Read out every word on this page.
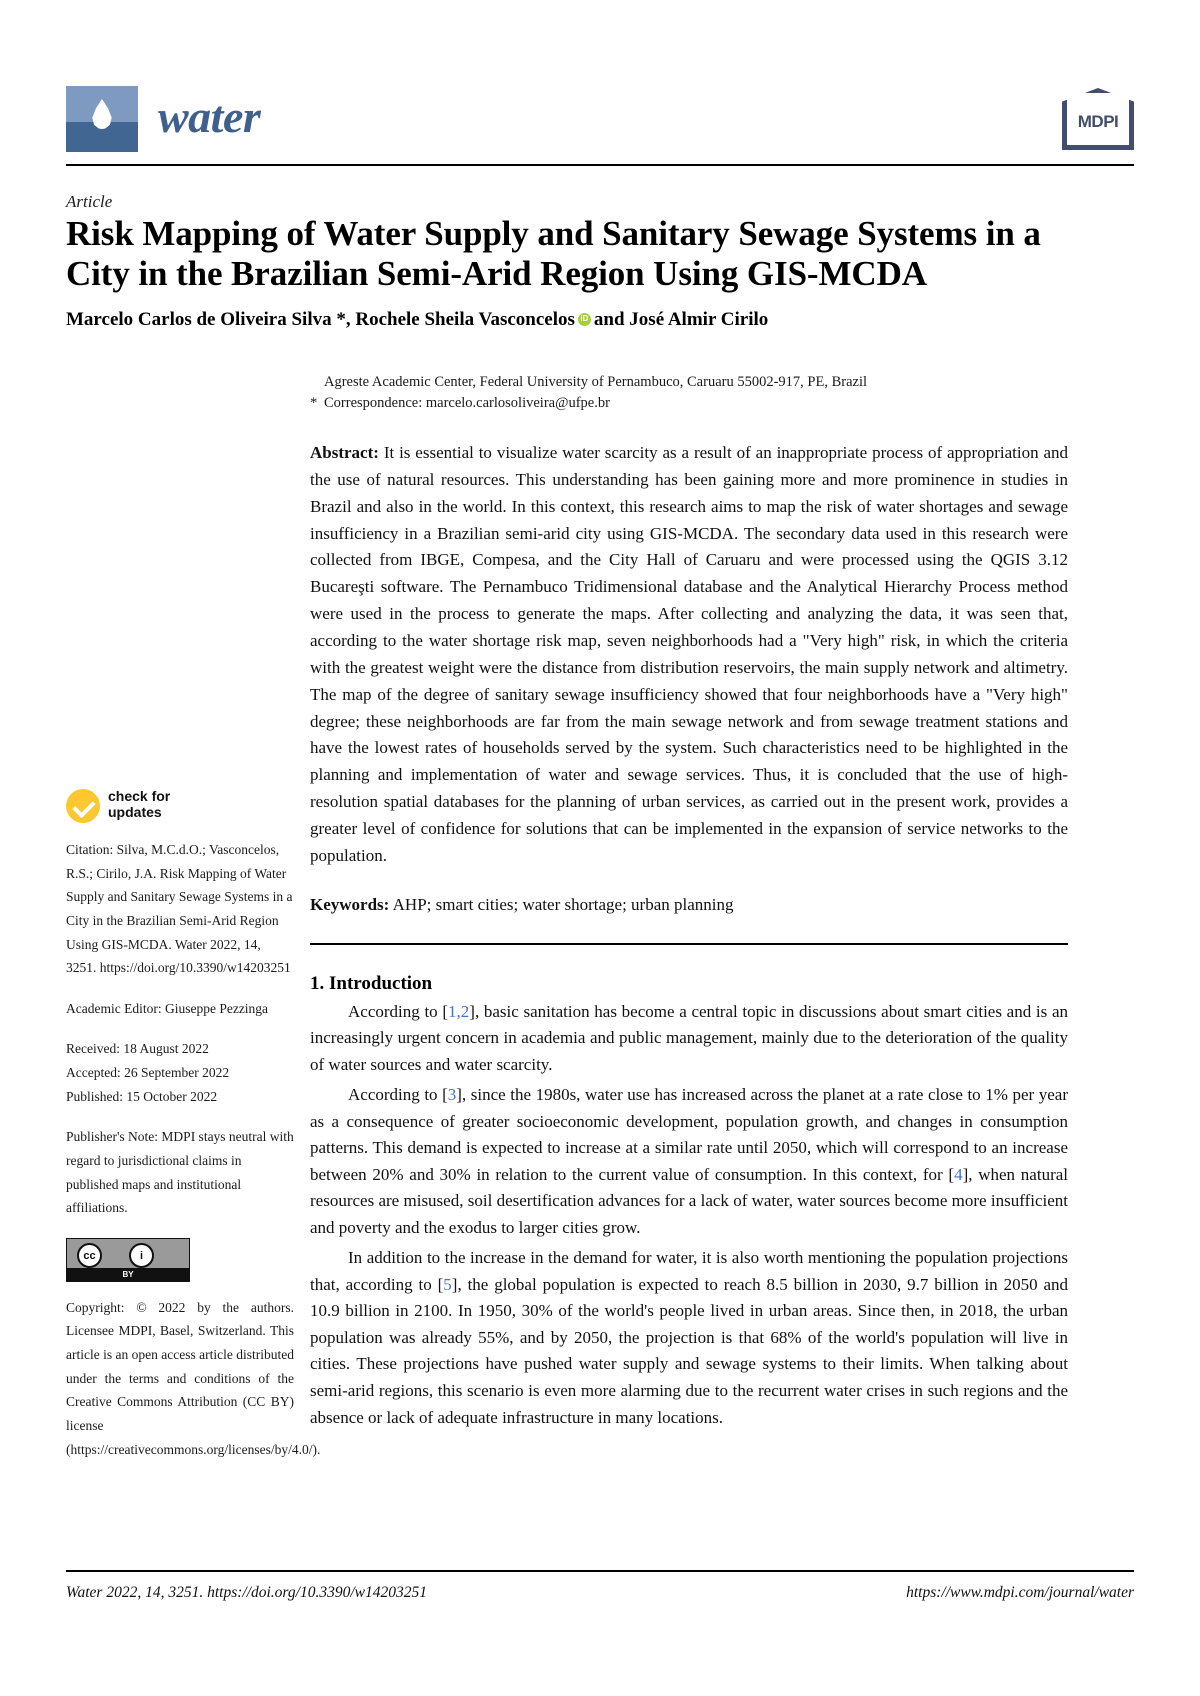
water	MDPI
Article
Risk Mapping of Water Supply and Sanitary Sewage Systems in a City in the Brazilian Semi-Arid Region Using GIS-MCDA
Marcelo Carlos de Oliveira Silva *, Rochele Sheila Vasconcelos iD and José Almir Cirilo
Agreste Academic Center, Federal University of Pernambuco, Caruaru 55002-917, PE, Brazil
* Correspondence: marcelo.carlosoliveira@ufpe.br
Abstract: It is essential to visualize water scarcity as a result of an inappropriate process of appropriation and the use of natural resources. This understanding has been gaining more and more prominence in studies in Brazil and also in the world. In this context, this research aims to map the risk of water shortages and sewage insufficiency in a Brazilian semi-arid city using GIS-MCDA. The secondary data used in this research were collected from IBGE, Compesa, and the City Hall of Caruaru and were processed using the QGIS 3.12 Bucareşti software. The Pernambuco Tridimensional database and the Analytical Hierarchy Process method were used in the process to generate the maps. After collecting and analyzing the data, it was seen that, according to the water shortage risk map, seven neighborhoods had a "Very high" risk, in which the criteria with the greatest weight were the distance from distribution reservoirs, the main supply network and altimetry. The map of the degree of sanitary sewage insufficiency showed that four neighborhoods have a "Very high" degree; these neighborhoods are far from the main sewage network and from sewage treatment stations and have the lowest rates of households served by the system. Such characteristics need to be highlighted in the planning and implementation of water and sewage services. Thus, it is concluded that the use of high-resolution spatial databases for the planning of urban services, as carried out in the present work, provides a greater level of confidence for solutions that can be implemented in the expansion of service networks to the population.
Keywords: AHP; smart cities; water shortage; urban planning
1. Introduction
According to [1,2], basic sanitation has become a central topic in discussions about smart cities and is an increasingly urgent concern in academia and public management, mainly due to the deterioration of the quality of water sources and water scarcity.
According to [3], since the 1980s, water use has increased across the planet at a rate close to 1% per year as a consequence of greater socioeconomic development, population growth, and changes in consumption patterns. This demand is expected to increase at a similar rate until 2050, which will correspond to an increase between 20% and 30% in relation to the current value of consumption. In this context, for [4], when natural resources are misused, soil desertification advances for a lack of water, water sources become more insufficient and poverty and the exodus to larger cities grow.
In addition to the increase in the demand for water, it is also worth mentioning the population projections that, according to [5], the global population is expected to reach 8.5 billion in 2030, 9.7 billion in 2050 and 10.9 billion in 2100. In 1950, 30% of the world's people lived in urban areas. Since then, in 2018, the urban population was already 55%, and by 2050, the projection is that 68% of the world's population will live in cities. These projections have pushed water supply and sewage systems to their limits. When talking about semi-arid regions, this scenario is even more alarming due to the recurrent water crises in such regions and the absence or lack of adequate infrastructure in many locations.
check for
updates
Citation: Silva, M.C.d.O.; Vasconcelos, R.S.; Cirilo, J.A. Risk Mapping of Water Supply and Sanitary Sewage Systems in a City in the Brazilian Semi-Arid Region Using GIS-MCDA. Water 2022, 14, 3251. https://doi.org/10.3390/w14203251
Academic Editor: Giuseppe Pezzinga
Received: 18 August 2022
Accepted: 26 September 2022
Published: 15 October 2022
Publisher's Note: MDPI stays neutral with regard to jurisdictional claims in published maps and institutional affiliations.
cc	i
BY
Copyright: © 2022 by the authors. Licensee MDPI, Basel, Switzerland. This article is an open access article distributed under the terms and conditions of the Creative Commons Attribution (CC BY) license (https://creativecommons.org/licenses/by/4.0/).
Water 2022, 14, 3251. https://doi.org/10.3390/w14203251	https://www.mdpi.com/journal/water
